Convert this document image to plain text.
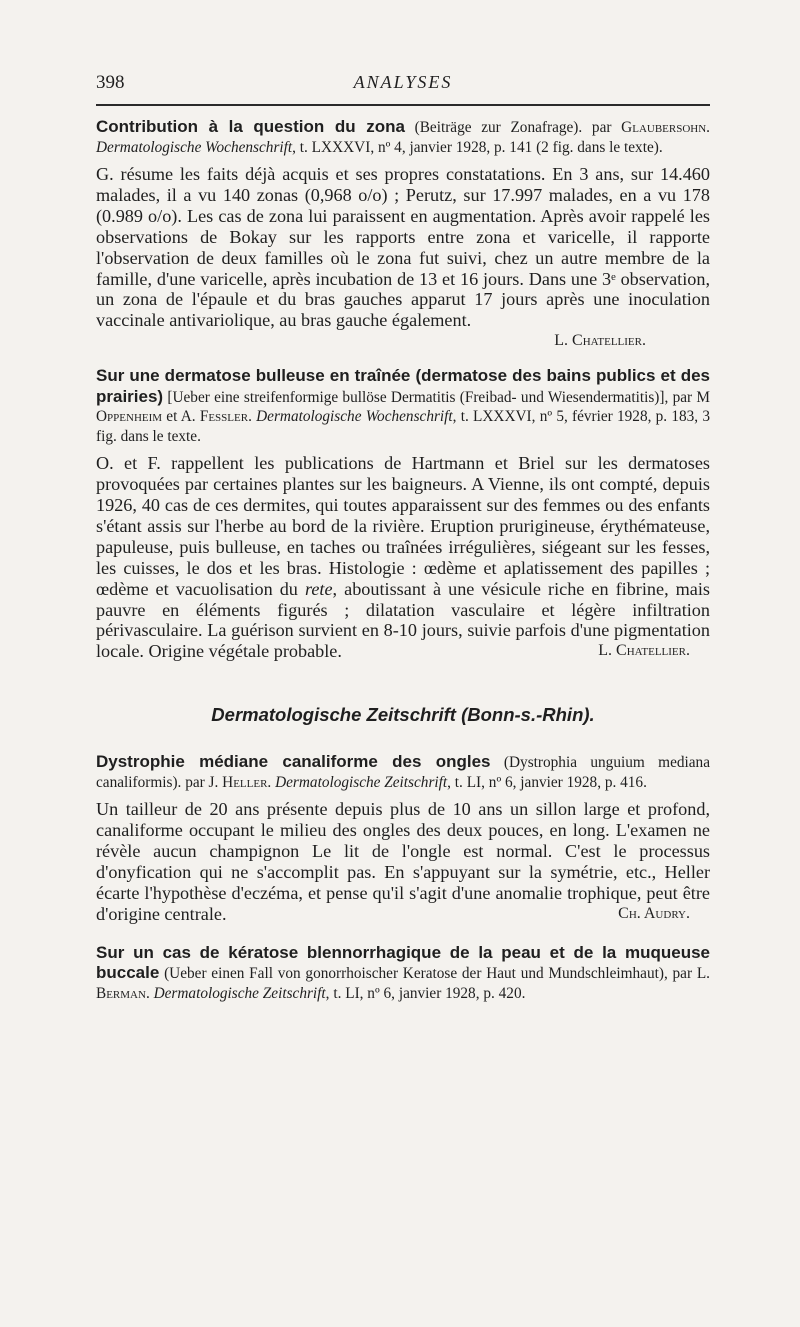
398	ANALYSES

Contribution à la question du zona (Beiträge zur Zonafrage). par Glaubersohn. Dermatologische Wochenschrift, t. LXXXVI, nº 4, janvier 1928, p. 141 (2 fig. dans le texte).

G. résume les faits déjà acquis et ses propres constatations. En 3 ans, sur 14.460 malades, il a vu 140 zonas (0,968 o/o) ; Perutz, sur 17.997 malades, en a vu 178 (0.989 o/o). Les cas de zona lui paraissent en augmentation. Après avoir rappelé les observations de Bokay sur les rapports entre zona et varicelle, il rapporte l'observation de deux familles où le zona fut suivi, chez un autre membre de la famille, d'une varicelle, après incubation de 13 et 16 jours. Dans une 3ᵉ observation, un zona de l'épaule et du bras gauches apparut 17 jours après une inoculation vaccinale antivariolique, au bras gauche également.

L. Chatellier.

Sur une dermatose bulleuse en traînée (dermatose des bains publics et des prairies) [Ueber eine streifenformige bullöse Dermatitis (Freibad- und Wiesendermatitis)], par M Oppenheim et A. Fessler. Dermatologische Wochenschrift, t. LXXXVI, nº 5, février 1928, p. 183, 3 fig. dans le texte.

O. et F. rappellent les publications de Hartmann et Briel sur les dermatoses provoquées par certaines plantes sur les baigneurs. A Vienne, ils ont compté, depuis 1926, 40 cas de ces dermites, qui toutes apparaissent sur des femmes ou des enfants s'étant assis sur l'herbe au bord de la rivière. Eruption prurigineuse, érythémateuse, papuleuse, puis bulleuse, en taches ou traînées irrégulières, siégeant sur les fesses, les cuisses, le dos et les bras. Histologie : œdème et aplatissement des papilles ; œdème et vacuolisation du rete, aboutissant à une vésicule riche en fibrine, mais pauvre en éléments figurés ; dilatation vasculaire et légère infiltration périvasculaire. La guérison survient en 8-10 jours, suivie parfois d'une pigmentation locale. Origine végétale probable.	L. Chatellier.

Dermatologische Zeitschrift (Bonn-s.-Rhin).

Dystrophie médiane canaliforme des ongles (Dystrophia unguium mediana canaliformis). par J. Heller. Dermatologische Zeitschrift, t. LI, nº 6, janvier 1928, p. 416.

Un tailleur de 20 ans présente depuis plus de 10 ans un sillon large et profond, canaliforme occupant le milieu des ongles des deux pouces, en long. L'examen ne révèle aucun champignon Le lit de l'ongle est normal. C'est le processus d'onyfication qui ne s'accomplit pas. En s'appuyant sur la symétrie, etc., Heller écarte l'hypothèse d'eczéma, et pense qu'il s'agit d'une anomalie trophique, peut être d'origine centrale.	Ch. Audry.

Sur un cas de kératose blennorrhagique de la peau et de la muqueuse buccale (Ueber einen Fall von gonorrhoischer Keratose der Haut und Mundschleimhaut), par L. Berman. Dermatologische Zeitschrift, t. LI, nº 6, janvier 1928, p. 420.
